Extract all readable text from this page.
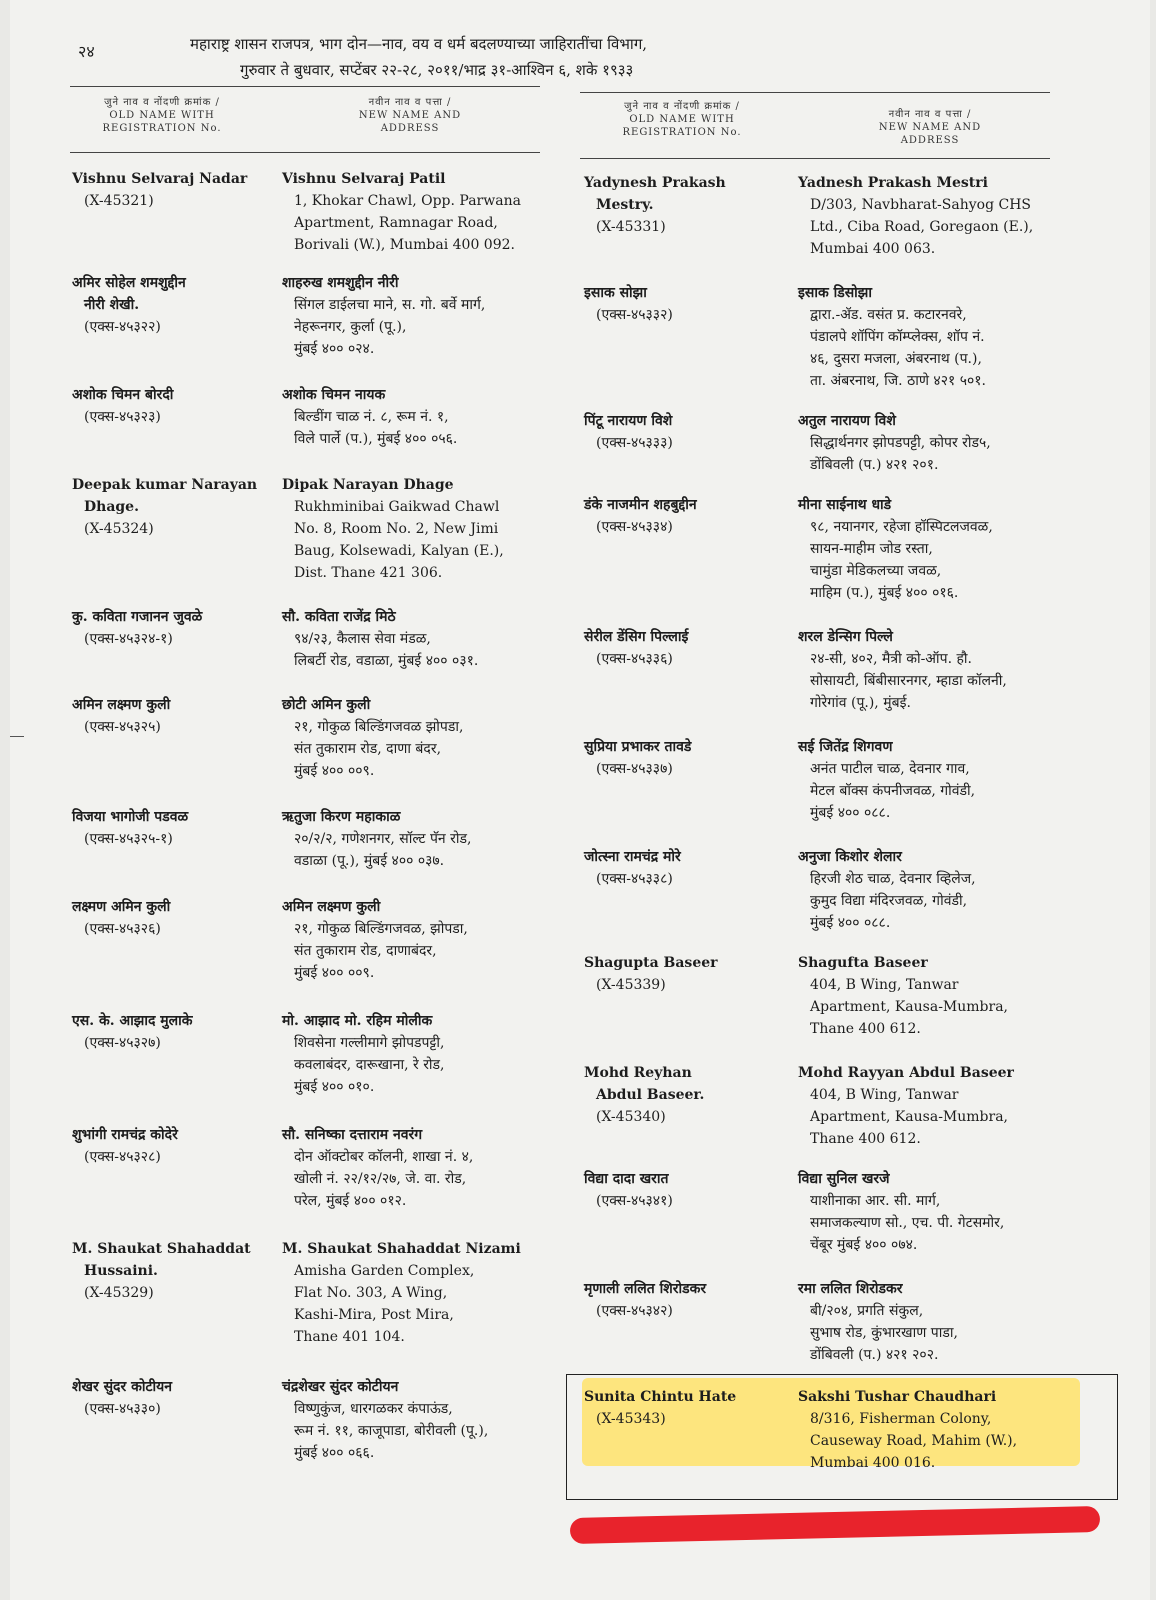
२४	महाराष्ट्र शासन राजपत्र, भाग दोन—नाव, वय व धर्म बदलण्याच्या जाहिरातींचा विभाग,
गुरुवार ते बुधवार, सप्टेंबर २२-२८, २०११/भाद्र ३१-आश्विन ६, शके १९३३
जुने नाव व नोंदणी क्रमांक /
OLD NAME WITH
REGISTRATION No.
नवीन नाव व पत्ता /
NEW NAME AND
ADDRESS
जुने नाव व नोंदणी क्रमांक /
OLD NAME WITH
REGISTRATION No.
नवीन नाव व पत्ता /
NEW NAME AND
ADDRESS
Vishnu Selvaraj Nadar
(X-45321)
Vishnu Selvaraj Patil
1, Khokar Chawl, Opp. Parwana
Apartment, Ramnagar Road,
Borivali (W.), Mumbai 400 092.
अमिर सोहेल शमशुद्दीन
नीरी शेखी.
(एक्स-४५३२२)
शाहरुख शमशुद्दीन नीरी
सिंगल डाईलचा माने, स. गो. बर्वे मार्ग,
नेहरूनगर, कुर्ला (पू.),
मुंबई ४०० ०२४.
अशोक चिमन बोरदी
(एक्स-४५३२३)
अशोक चिमन नायक
बिल्डींग चाळ नं. ८, रूम नं. १,
विले पार्ले (प.), मुंबई ४०० ०५६.
Deepak kumar Narayan
Dhage.
(X-45324)
Dipak Narayan Dhage
Rukhminibai Gaikwad Chawl
No. 8, Room No. 2, New Jimi
Baug, Kolsewadi, Kalyan (E.),
Dist. Thane 421 306.
कु. कविता गजानन जुवळे
(एक्स-४५३२४-१)
सौ. कविता राजेंद्र मिठे
९४/२३, कैलास सेवा मंडळ,
लिबर्टी रोड, वडाळा, मुंबई ४०० ०३१.
अमिन लक्ष्मण कुली
(एक्स-४५३२५)
छोटी अमिन कुली
२१, गोकुळ बिल्डिंगजवळ झोपडा,
संत तुकाराम रोड, दाणा बंदर,
मुंबई ४०० ००९.
विजया भागोजी पडवळ
(एक्स-४५३२५-१)
ऋतुजा किरण महाकाळ
२०/२/२, गणेशनगर, सॉल्ट पॅन रोड,
वडाळा (पू.), मुंबई ४०० ०३७.
लक्ष्मण अमिन कुली
(एक्स-४५३२६)
अमिन लक्ष्मण कुली
२१, गोकुळ बिल्डिंगजवळ, झोपडा,
संत तुकाराम रोड, दाणाबंदर,
मुंबई ४०० ००९.
एस. के. आझाद मुलाके
(एक्स-४५३२७)
मो. आझाद मो. रहिम मोलीक
शिवसेना गल्लीमागे झोपडपट्टी,
कवलाबंदर, दारूखाना, रे रोड,
मुंबई ४०० ०१०.
शुभांगी रामचंद्र कोदेरे
(एक्स-४५३२८)
सौ. सनिष्का दत्ताराम नवरंग
दोन ऑक्टोबर कॉलनी, शाखा नं. ४,
खोली नं. २२/१२/२७, जे. वा. रोड,
परेल, मुंबई ४०० ०१२.
M. Shaukat Shahaddat
Hussaini.
(X-45329)
M. Shaukat Shahaddat Nizami
Amisha Garden Complex,
Flat No. 303, A Wing,
Kashi-Mira, Post Mira,
Thane 401 104.
शेखर सुंदर कोटीयन
(एक्स-४५३३०)
चंद्रशेखर सुंदर कोटीयन
विष्णुकुंज, धारगळकर कंपाऊंड,
रूम नं. ११, काजूपाडा, बोरीवली (पू.),
मुंबई ४०० ०६६.
Yadynesh Prakash
Mestry.
(X-45331)
Yadnesh Prakash Mestri
D/303, Navbharat-Sahyog CHS
Ltd., Ciba Road, Goregaon (E.),
Mumbai 400 063.
इसाक सोझा
(एक्स-४५३३२)
इसाक डिसोझा
द्वारा.-ॲड. वसंत प्र. कटारनवरे,
पंडालपे शॉपिंग कॉम्प्लेक्स, शॉप नं.
४६, दुसरा मजला, अंबरनाथ (प.),
ता. अंबरनाथ, जि. ठाणे ४२१ ५०१.
पिंटू नारायण विशे
(एक्स-४५३३३)
अतुल नारायण विशे
सिद्धार्थनगर झोपडपट्टी, कोपर रोड५,
डोंबिवली (प.) ४२१ २०१.
डंके नाजमीन शहबुद्दीन
(एक्स-४५३३४)
मीना साईनाथ धाडे
९८, नयानगर, रहेजा हॉस्पिटलजवळ,
सायन-माहीम जोड रस्ता,
चामुंडा मेडिकलच्या जवळ,
माहिम (प.), मुंबई ४०० ०१६.
सेरील डेंसिग पिल्लाई
(एक्स-४५३३६)
शरल डेन्सिग पिल्ले
२४-सी, ४०२, मैत्री को-ऑप. हौ.
सोसायटी, बिंबीसारनगर, म्हाडा कॉलनी,
गोरेगांव (पू.), मुंबई.
सुप्रिया प्रभाकर तावडे
(एक्स-४५३३७)
सई जितेंद्र शिगवण
अनंत पाटील चाळ, देवनार गाव,
मेटल बॉक्स कंपनीजवळ, गोवंडी,
मुंबई ४०० ०८८.
जोत्स्ना रामचंद्र मोरे
(एक्स-४५३३८)
अनुजा किशोर शेलार
हिरजी शेठ चाळ, देवनार व्हिलेज,
कुमुद विद्या मंदिरजवळ, गोवंडी,
मुंबई ४०० ०८८.
Shagupta Baseer
(X-45339)
Shagufta Baseer
404, B Wing, Tanwar
Apartment, Kausa-Mumbra,
Thane 400 612.
Mohd Reyhan
Abdul Baseer.
(X-45340)
Mohd Rayyan Abdul Baseer
404, B Wing, Tanwar
Apartment, Kausa-Mumbra,
Thane 400 612.
विद्या दादा खरात
(एक्स-४५३४१)
विद्या सुनिल खरजे
याशीनाका आर. सी. मार्ग,
समाजकल्याण सो., एच. पी. गेटसमोर,
चेंबूर मुंबई ४०० ०७४.
मृणाली ललित शिरोडकर
(एक्स-४५३४२)
रमा ललित शिरोडकर
बी/२०४, प्रगति संकुल,
सुभाष रोड, कुंभारखाण पाडा,
डोंबिवली (प.) ४२१ २०२.
Sunita Chintu Hate
(X-45343)
Sakshi Tushar Chaudhari
8/316, Fisherman Colony,
Causeway Road, Mahim (W.),
Mumbai 400 016.
